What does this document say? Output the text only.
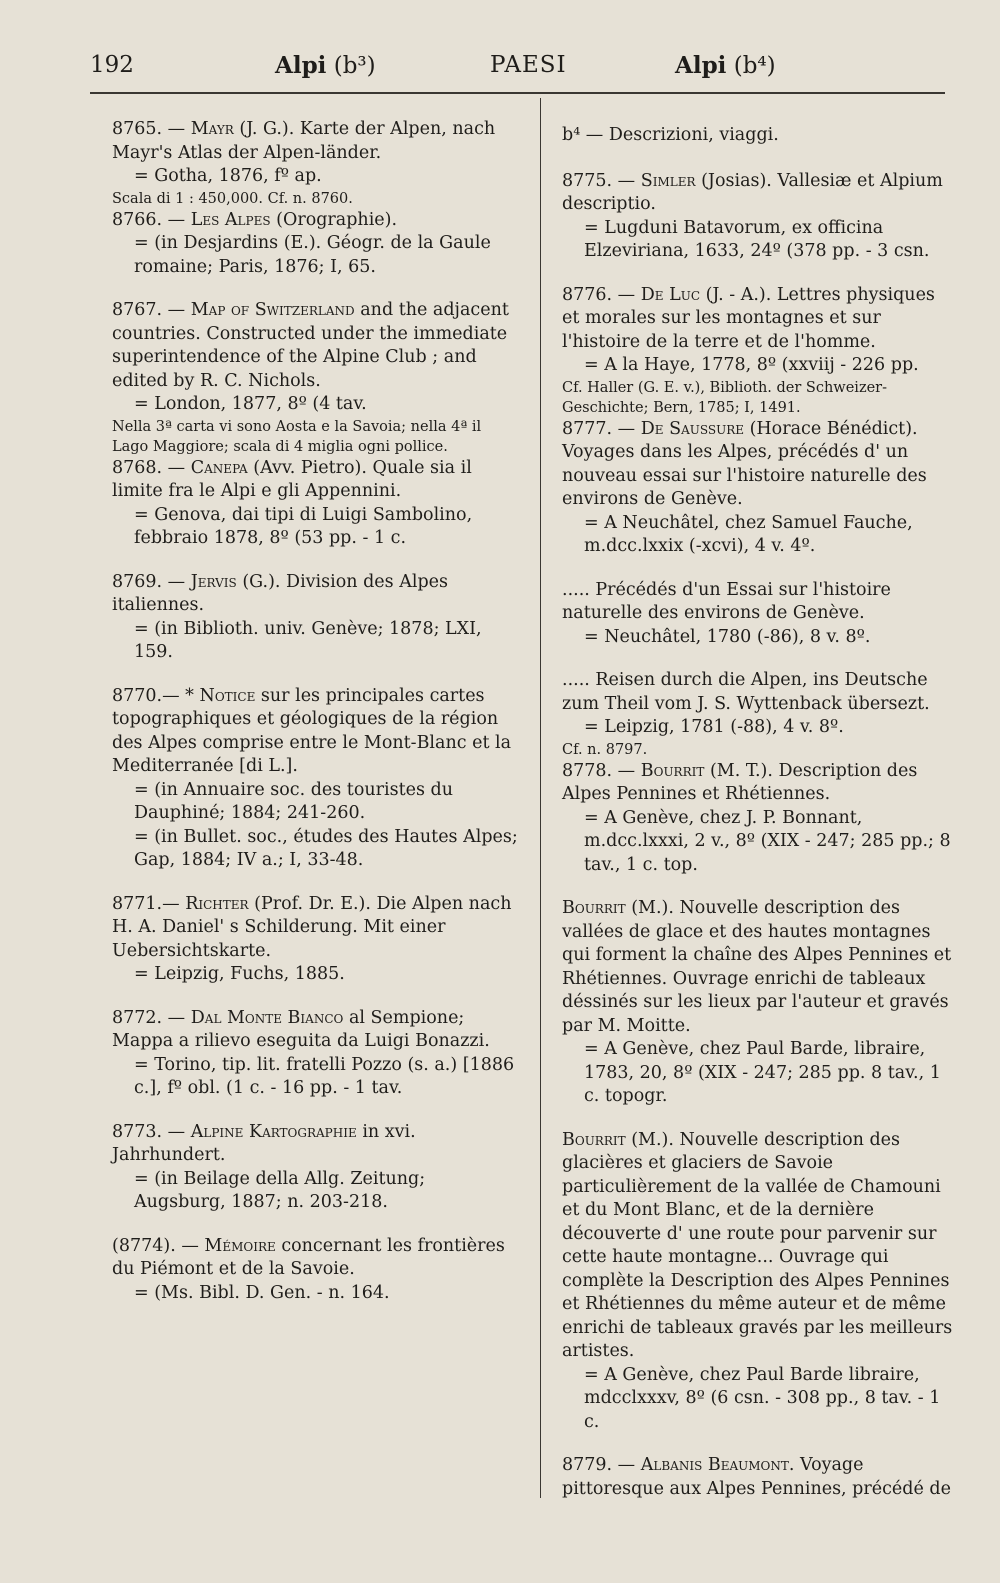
192	Alpi (b³)	PAESI	Alpi (b⁴)

8765. — Mayr (J. G.). Karte der Alpen, nach Mayr's Atlas der Alpen-länder.

= Gotha, 1876, fº ap.

Scala di 1 : 450,000. Cf. n. 8760.

8766. — Les Alpes (Orographie).

= (in Desjardins (E.). Géogr. de la Gaule romaine; Paris, 1876; I, 65.

8767. — Map of Switzerland and the adjacent countries. Constructed under the immediate superintendence of the Alpine Club ; and edited by R. C. Nichols.

= London, 1877, 8º (4 tav.

Nella 3ª carta vi sono Aosta e la Savoia; nella 4ª il Lago Maggiore; scala di 4 miglia ogni pollice.

8768. — Canepa (Avv. Pietro). Quale sia il limite fra le Alpi e gli Appennini.

= Genova, dai tipi di Luigi Sambolino, febbraio 1878, 8º (53 pp. - 1 c.

8769. — Jervis (G.). Division des Alpes italiennes.

= (in Biblioth. univ. Genève; 1878; LXI, 159.

8770.— * Notice sur les principales cartes topographiques et géologiques de la région des Alpes comprise entre le Mont-Blanc et la Mediterranée [di L.].

= (in Annuaire soc. des touristes du Dauphiné; 1884; 241-260.

= (in Bullet. soc., études des Hautes Alpes; Gap, 1884; IV a.; I, 33-48.

8771.— Richter (Prof. Dr. E.). Die Alpen nach H. A. Daniel' s Schilderung. Mit einer Uebersichtskarte.

= Leipzig, Fuchs, 1885.

8772. — Dal Monte Bianco al Sempione; Mappa a rilievo eseguita da Luigi Bonazzi.

= Torino, tip. lit. fratelli Pozzo (s. a.) [1886 c.], fº obl. (1 c. - 16 pp. - 1 tav.

8773. — Alpine Kartographie in xvi. Jahrhundert.

= (in Beilage della Allg. Zeitung; Augsburg, 1887; n. 203-218.

(8774). — Mémoire concernant les frontières du Piémont et de la Savoie.

= (Ms. Bibl. D. Gen. - n. 164.

b⁴ — Descrizioni, viaggi.

8775. — Simler (Josias). Vallesiæ et Alpium descriptio.

= Lugduni Batavorum, ex officina Elzeviriana, 1633, 24º (378 pp. - 3 csn.

8776. — De Luc (J. - A.). Lettres physiques et morales sur les montagnes et sur l'histoire de la terre et de l'homme.

= A la Haye, 1778, 8º (xxviij - 226 pp.

Cf. Haller (G. E. v.), Biblioth. der Schweizer-Geschichte; Bern, 1785; I, 1491.

8777. — De Saussure (Horace Bénédict). Voyages dans les Alpes, précédés d' un nouveau essai sur l'histoire naturelle des environs de Genève.

= A Neuchâtel, chez Samuel Fauche, m.dcc.lxxix (-xcvi), 4 v. 4º.

..... Précédés d'un Essai sur l'histoire naturelle des environs de Genève.

= Neuchâtel, 1780 (-86), 8 v. 8º.

..... Reisen durch die Alpen, ins Deutsche zum Theil vom J. S. Wyttenback übersezt.

= Leipzig, 1781 (-88), 4 v. 8º.

Cf. n. 8797.

8778. — Bourrit (M. T.). Description des Alpes Pennines et Rhétiennes.

= A Genève, chez J. P. Bonnant, m.dcc.lxxxi, 2 v., 8º (XIX - 247; 285 pp.; 8 tav., 1 c. top.

Bourrit (M.). Nouvelle description des vallées de glace et des hautes montagnes qui forment la chaîne des Alpes Pennines et Rhétiennes. Ouvrage enrichi de tableaux déssinés sur les lieux par l'auteur et gravés par M. Moitte.

= A Genève, chez Paul Barde, libraire, 1783, 20, 8º (XIX - 247; 285 pp. 8 tav., 1 c. topogr.

Bourrit (M.). Nouvelle description des glacières et glaciers de Savoie particulièrement de la vallée de Chamouni et du Mont Blanc, et de la dernière découverte d' une route pour parvenir sur cette haute montagne... Ouvrage qui complète la Description des Alpes Pennines et Rhétiennes du même auteur et de même enrichi de tableaux gravés par les meilleurs artistes.

= A Genève, chez Paul Barde libraire, mdcclxxxv, 8º (6 csn. - 308 pp., 8 tav. - 1 c.

8779. — Albanis Beaumont. Voyage pittoresque aux Alpes Pennines, précédé de
